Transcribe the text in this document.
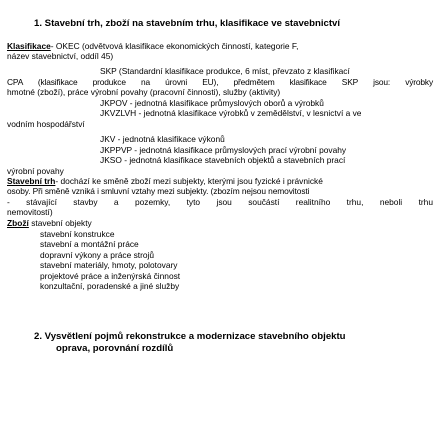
1. Stavební trh, zboží na stavebním trhu, klasifikace ve stavebnictví
Klasifikace- OKEC (odvětvová klasifikace ekonomických činností, kategorie F,
název stavebnictví, oddíl 45)
SKP (Standardní klasifikace produkce, 6 míst, převzato z klasifikací
CPA (klasifikace produkce na úrovni EU), předmětem klasifikace SKP jsou: výrobky
hmotné (zboží), práce výrobní povahy (pracovní činnosti), služby (aktivity)
JKPOV - jednotná klasifikace průmyslových oborů a výrobků
JKVZLVH - jednotná klasifikace výrobků v zemědělství, v lesnictví a ve
vodním hospodářství
JKV - jednotná klasifikace výkonů
JKPPVP - jednotná klasifikace průmyslových prací výrobní povahy
JKSO - jednotná klasifikace stavebních objektů a stavebních prací
výrobní povahy
Stavební trh- dochází ke směně zboží mezi subjekty, kterými jsou fyzické i právnické
osoby. Při směně vzniká i smluvní vztahy mezi subjekty. (zbozím nejsou nemovitosti
- stávající stavby a pozemky, tyto jsou součástí realitního trhu, neboli trhu
nemovitostí)
Zboží stavební objekty
stavební konstrukce
stavební a montážní práce
dopravní výkony a práce strojů
stavební materiály, hmoty, polotovary
projektové práce a inženýrská činnost
konzultační, poradenské a jiné služby
2. Vysvětlení pojmů rekonstrukce a modernizace stavebního objektu
oprava, porovnání rozdílů
